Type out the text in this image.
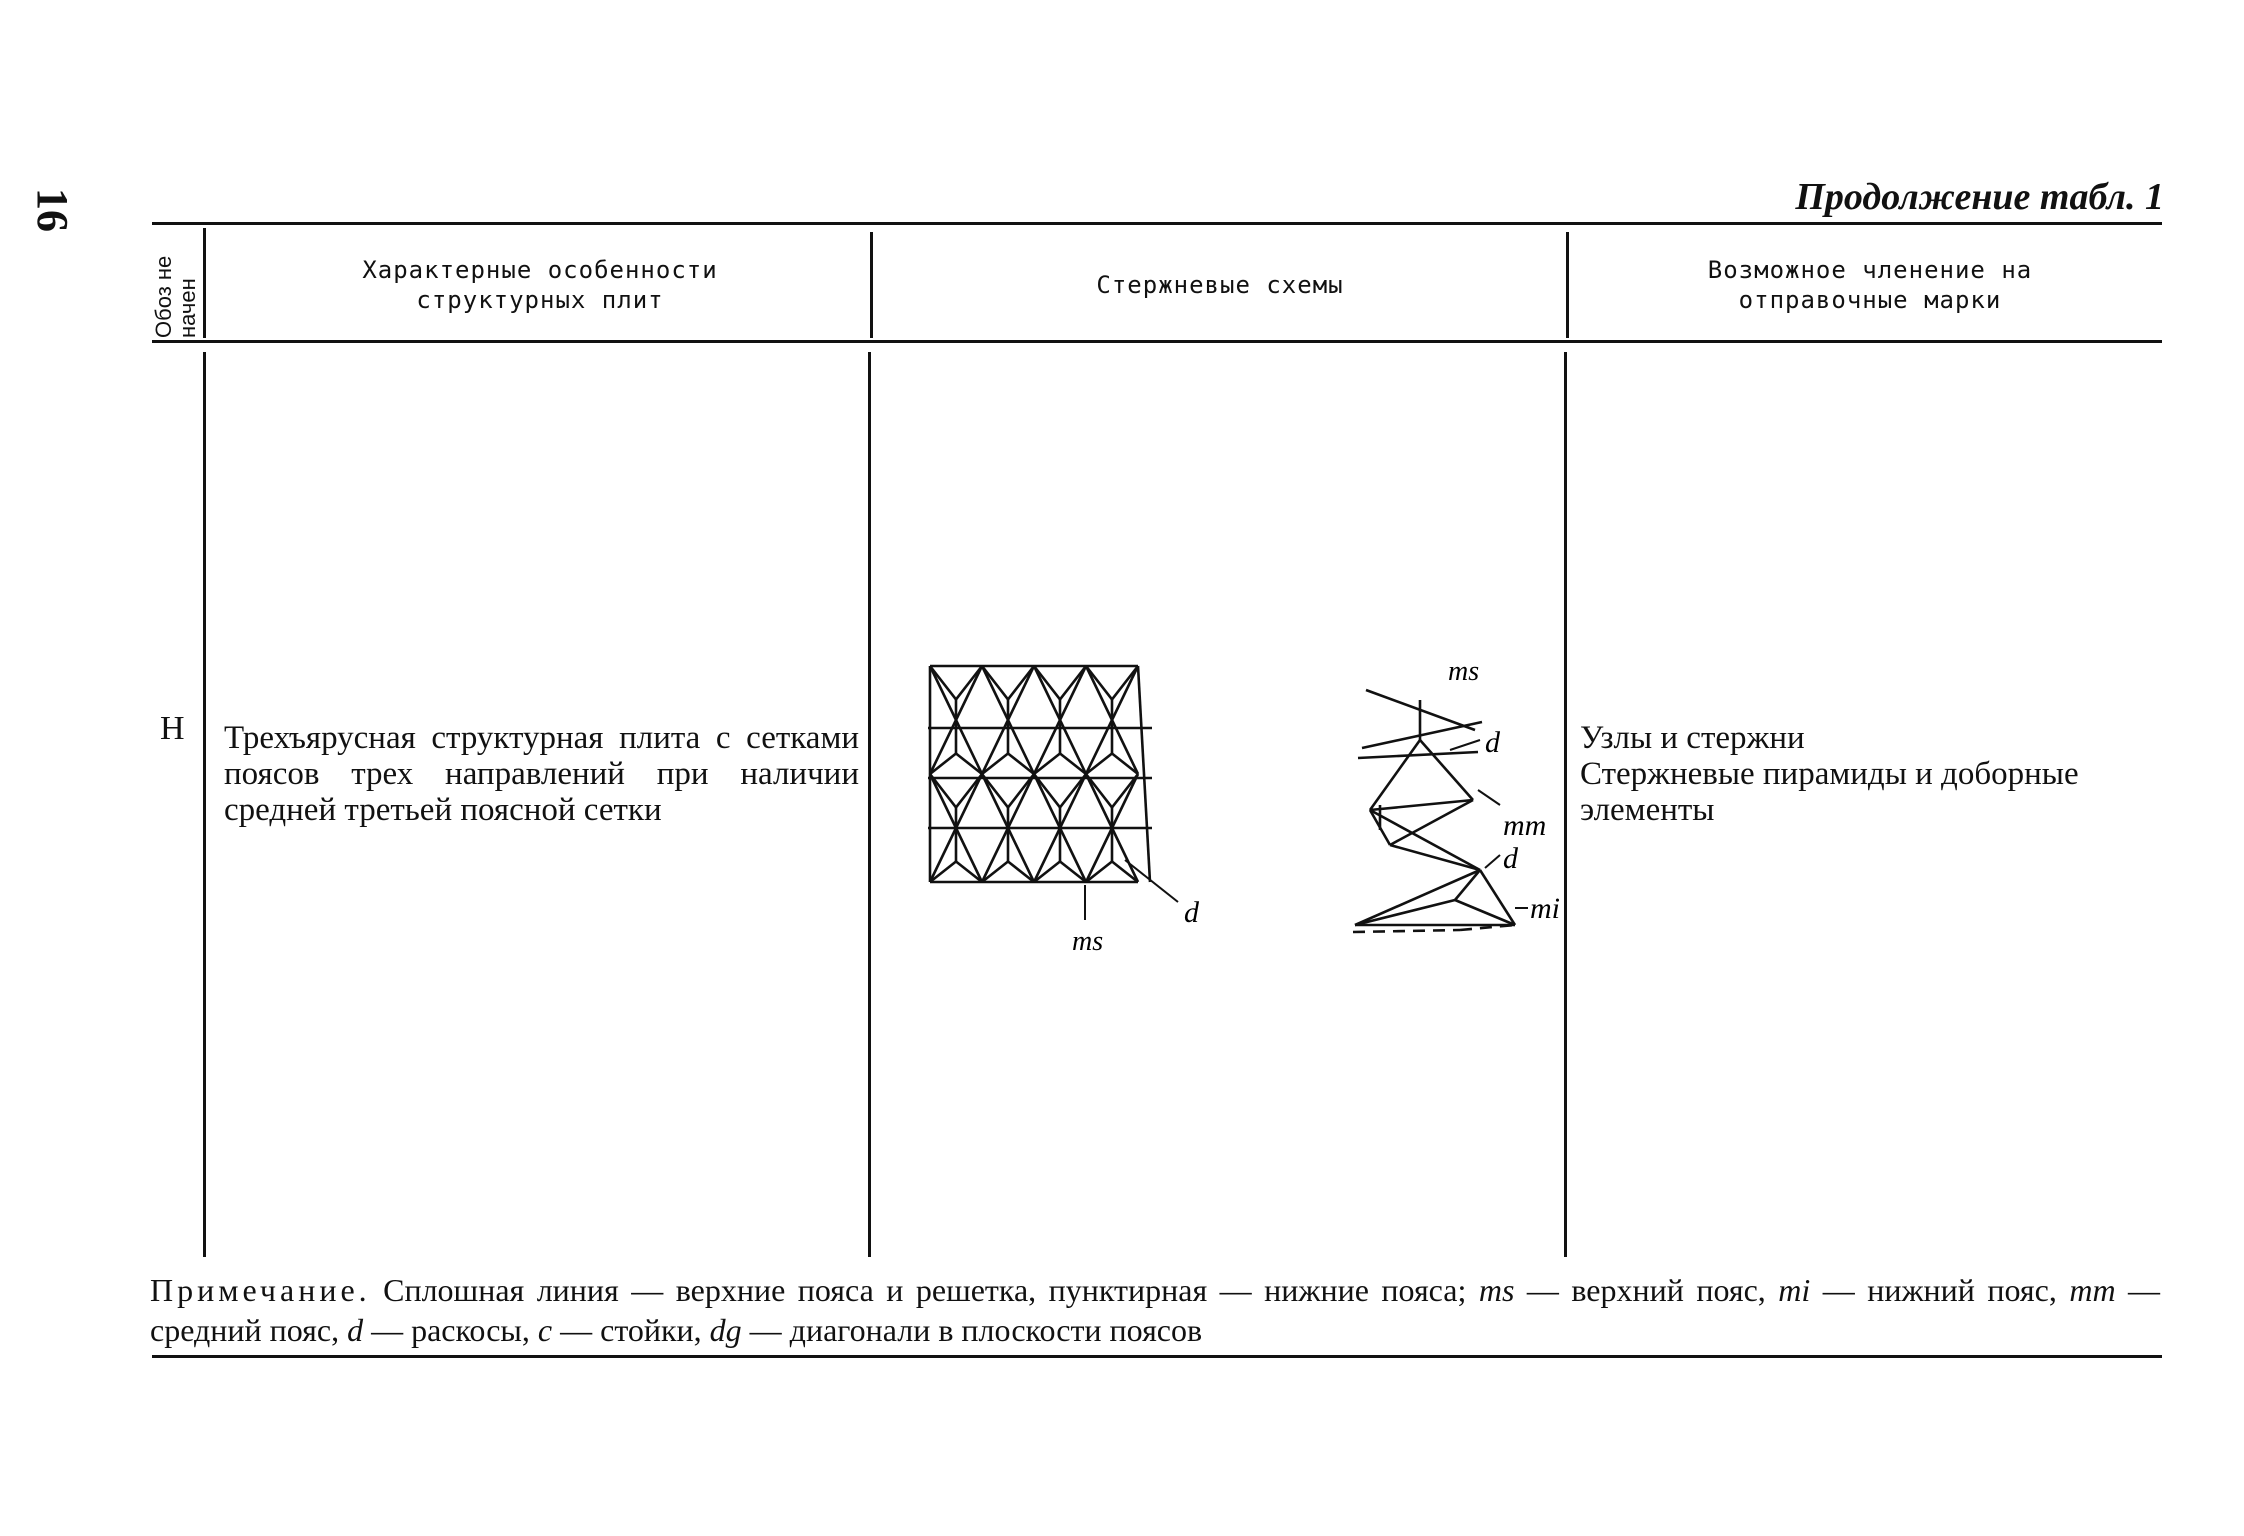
16	Продолжение табл. 1
Обоз не начен
Характерные особенности структурных плит
Стержневые схемы
Возможное членение на отправочные марки
Н Трехъярусная структурная плита с сетками поясов трех направлений при наличии средней третьей поясной сетки
Узлы и стержни
Стержневые пирамиды и доборные элементы
ms
d
ms
d
mm
d
mi
Примечание. Сплошная линия — верхние пояса и решетка, пунктирная — нижние пояса; ms — верхний пояс, mi — нижний пояс, mm — средний пояс, d — раскосы, c — стойки, dg — диагонали в плоскости поясов
